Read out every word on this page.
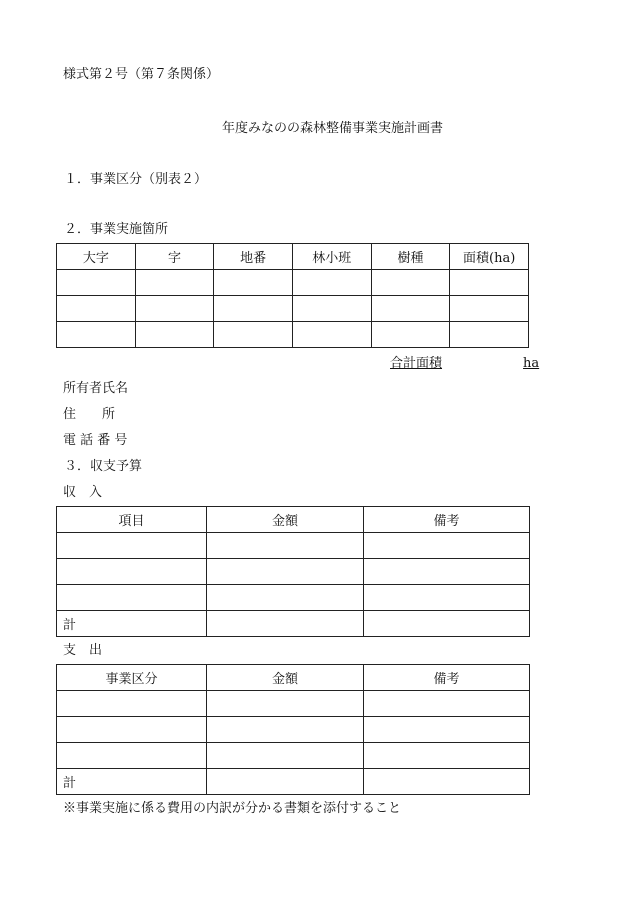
様式第２号（第７条関係）
年度みなのの森林整備事業実施計画書
１．事業区分（別表２）
２．事業実施箇所
大字	字	地番	林小班	樹種	面積(ha)

合計面積	ha
所有者氏名
住　　所
電 話 番 号
３．収支予算
収　入
項目	金額	備考

計		
支　出
事業区分	金額	備考

計		
※事業実施に係る費用の内訳が分かる書類を添付すること
